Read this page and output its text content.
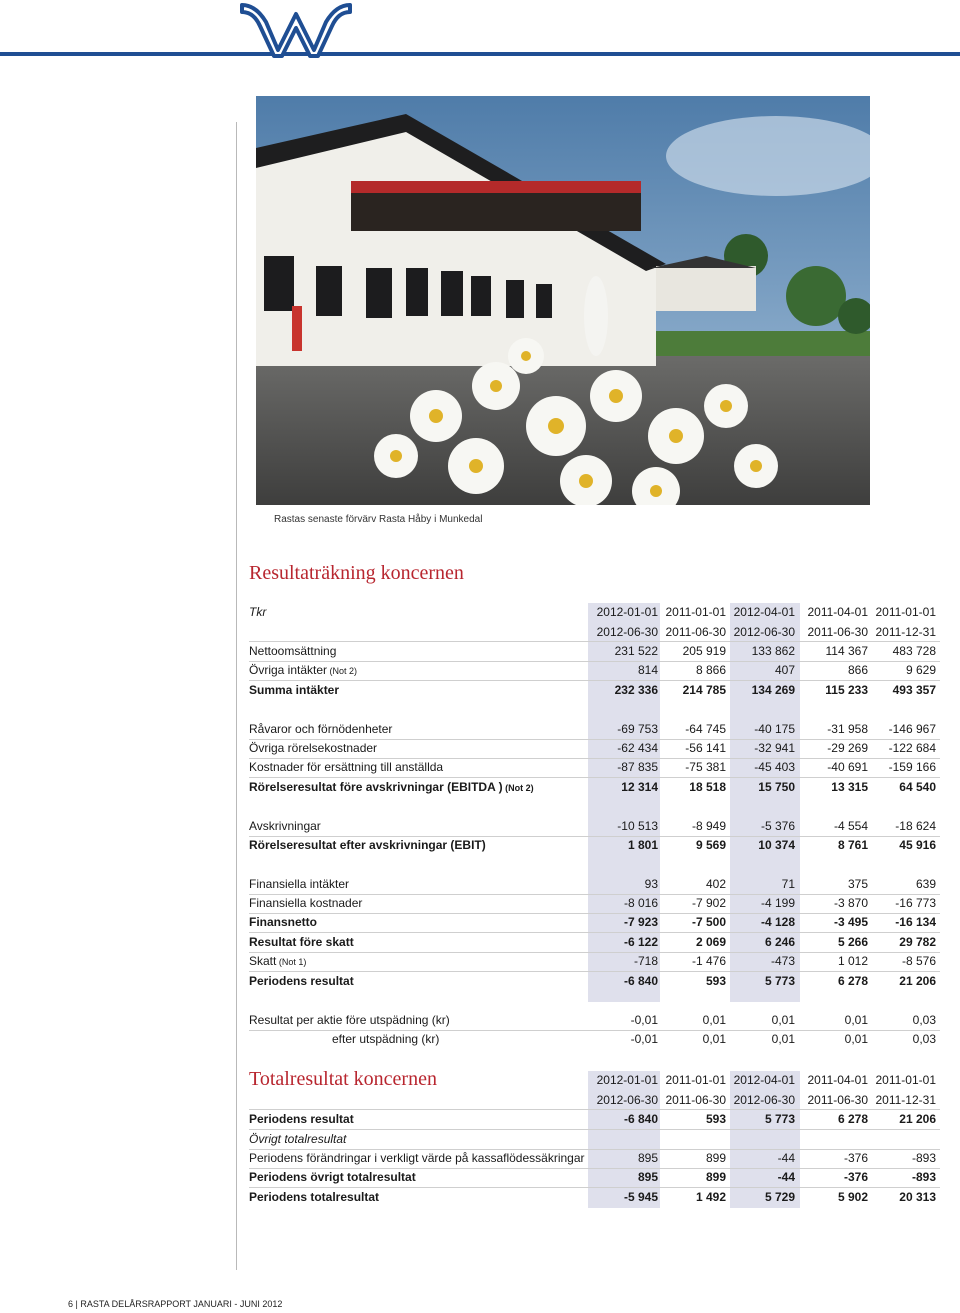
Rastas senaste förvärv Rasta Håby i Munkedal
Resultaträkning koncernen
Tkr	2012-01-01 2011-01-01 2012-04-01	2011-04-01 2011-01-01
2012-06-30 2011-06-30 2012-06-30	2011-06-30 2011-12-31
Nettoomsättning	231 522	205 919	133 862	114 367	483 728
Övriga intäkter (Not 2)	814	8 866	407	866	9 629
Summa intäkter	232 336	214 785	134 269	115 233	493 357
Råvaror och förnödenheter	-69 753	-64 745	-40 175	-31 958	-146 967
Övriga rörelsekostnader	-62 434	-56 141	-32 941	-29 269	-122 684
Kostnader för ersättning till anställda	-87 835	-75 381	-45 403	-40 691	-159 166
Rörelseresultat före avskrivningar (EBITDA ) (Not 2)	12 314	18 518	15 750	13 315	64 540
Avskrivningar	-10 513	-8 949	-5 376	-4 554	-18 624
Rörelseresultat efter avskrivningar (EBIT)	1 801	9 569	10 374	8 761	45 916
Finansiella intäkter	93	402	71	375	639
Finansiella kostnader	-8 016	-7 902	-4 199	-3 870	-16 773
Finansnetto	-7 923	-7 500	-4 128	-3 495	-16 134
Resultat före skatt	-6 122	2 069	6 246	5 266	29 782
Skatt (Not 1)	-718	-1 476	-473	1 012	-8 576
Periodens resultat	-6 840	593	5 773	6 278	21 206
Resultat per aktie före utspädning (kr)	-0,01	0,01	0,01	0,01	0,03
efter utspädning (kr)	-0,01	0,01	0,01	0,01	0,03
Totalresultat koncernen	2012-01-01 2011-01-01 2012-04-01	2011-04-01 2011-01-01
2012-06-30 2011-06-30 2012-06-30	2011-06-30 2011-12-31
Periodens resultat	-6 840	593	5 773	6 278	21 206
Övrigt totalresultat
Periodens förändringar i verkligt värde på kassaflödessäkringar	895	899	-44	-376	-893
Periodens övrigt totalresultat	895	899	-44	-376	-893
Periodens totalresultat	-5 945	1 492	5 729	5 902	20 313
6 | RASTA DELÅRSRAPPORT JANUARI - JUNI 2012
